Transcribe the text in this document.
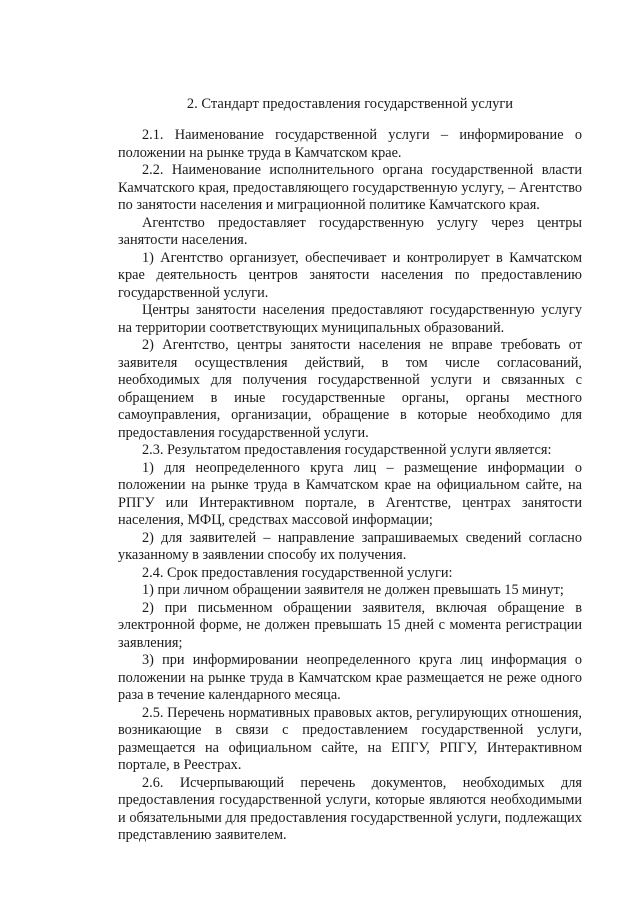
2. Стандарт предоставления государственной услуги

2.1. Наименование государственной услуги – информирование о положении на рынке труда в Камчатском крае.

2.2. Наименование исполнительного органа государственной власти Камчатского края, предоставляющего государственную услугу, – Агентство по занятости населения и миграционной политике Камчатского края.

Агентство предоставляет государственную услугу через центры занятости населения.

1) Агентство организует, обеспечивает и контролирует в Камчатском крае деятельность центров занятости населения по предоставлению государственной услуги.

Центры занятости населения предоставляют государственную услугу на территории соответствующих муниципальных образований.

2) Агентство, центры занятости населения не вправе требовать от заявителя осуществления действий, в том числе согласований, необходимых для получения государственной услуги и связанных с обращением в иные государственные органы, органы местного самоуправления, организации, обращение в которые необходимо для предоставления государственной услуги.

2.3. Результатом предоставления государственной услуги является:

1) для неопределенного круга лиц – размещение информации о положении на рынке труда в Камчатском крае на официальном сайте, на РПГУ или Интерактивном портале, в Агентстве, центрах занятости населения, МФЦ, средствах массовой информации;

2) для заявителей – направление запрашиваемых сведений согласно указанному в заявлении способу их получения.

2.4. Срок предоставления государственной услуги:

1) при личном обращении заявителя не должен превышать 15 минут;

2) при письменном обращении заявителя, включая обращение в электронной форме, не должен превышать 15 дней с момента регистрации заявления;

3) при информировании неопределенного круга лиц информация о положении на рынке труда в Камчатском крае размещается не реже одного раза в течение календарного месяца.

2.5. Перечень нормативных правовых актов, регулирующих отношения, возникающие в связи с предоставлением государственной услуги, размещается на официальном сайте, на ЕПГУ, РПГУ, Интерактивном портале, в Реестрах.

2.6. Исчерпывающий перечень документов, необходимых для предоставления государственной услуги, которые являются необходимыми и обязательными для предоставления государственной услуги, подлежащих представлению заявителем.
